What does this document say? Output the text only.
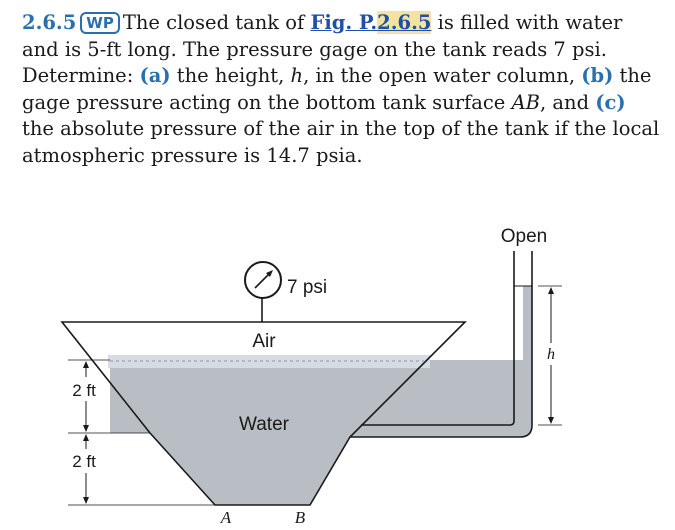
2.6.5 WP The closed tank of Fig. P.2.6.5 is filled with water and is 5-ft long. The pressure gage on the tank reads 7 psi. Determine: (a) the height, h, in the open water column, (b) the gage pressure acting on the bottom tank surface AB, and (c) the absolute pressure of the air in the top of the tank if the local atmospheric pressure is 14.7 psia.
2 ft
2 ft
h
Open
7 psi
Air
Water
A	B
